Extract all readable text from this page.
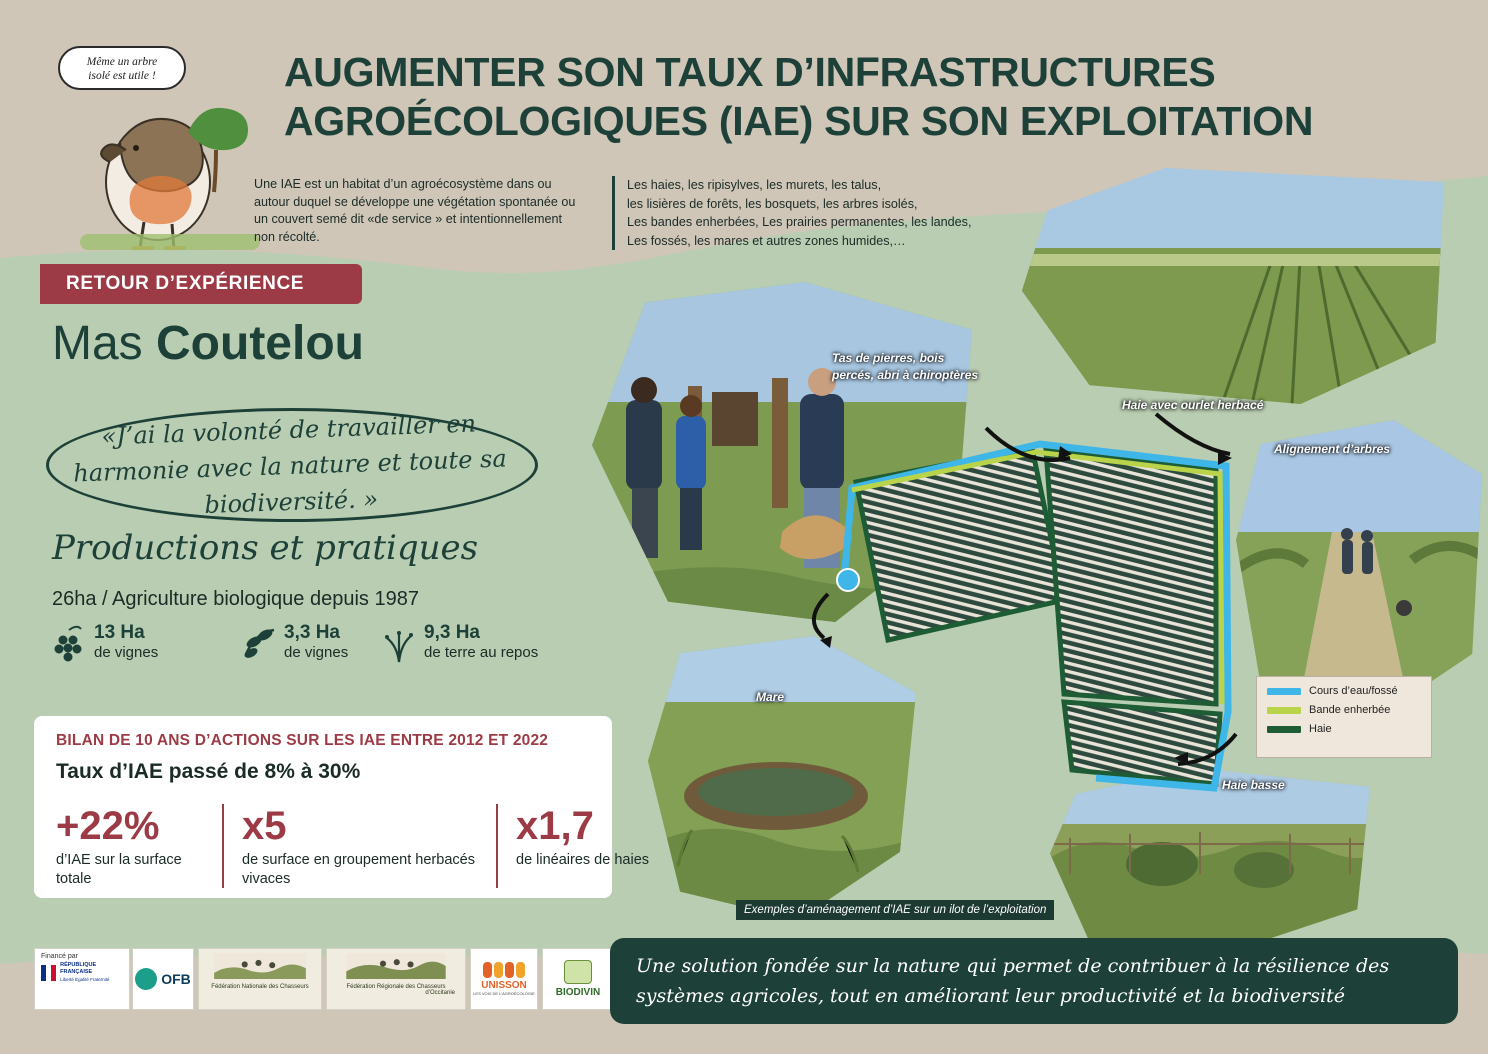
Même un arbre
isolé est utile !	AUGMENTER SON TAUX D’INFRASTRUCTURES
AGROÉCOLOGIQUES (IAE) SUR SON EXPLOITATION
Une IAE est un habitat d’un agroécosystème dans ou autour duquel se développe une végétation spontanée ou un couvert semé dit «de service » et intentionnellement non récolté.
Les haies, les ripisylves, les murets, les talus,
les lisières de forêts, les bosquets, les arbres isolés,
Les bandes enherbées, Les prairies permanentes, les landes,
Les fossés, les mares et autres zones humides,…
RETOUR D’EXPÉRIENCE
Mas Coutelou
«J’ai la volonté de travailler en harmonie avec la nature et toute sa biodiversité. »
Productions et pratiques
26ha / Agriculture biologique depuis 1987
13 Ha
de vignes
3,3 Ha
de vignes
9,3 Ha
de terre au repos
BILAN DE 10 ANS D’ACTIONS SUR LES IAE ENTRE 2012 ET 2022
Taux d’IAE passé de 8% à 30%
+22%
d’IAE sur la surface totale
x5
de surface en groupement herbacés vivaces
x1,7
de linéaires de haies
Financé par
RÉPUBLIQUE FRANÇAISE
Liberté Égalité Fraternité	OFB	Fédération Nationale des Chasseurs	Fédération Régionale des Chasseurs
d’Occitanie
UNISSON
LES VOIX DE L’AGROÉCOLOGIE BIODIVIN
Haie avec ourlet herbacé
Tas de pierres, bois
percés, abri à chiroptères
Alignement d’arbres
Mare
Haie basse
Cours d’eau/fossé
Bande enherbée
Haie
Exemples d’aménagement d’IAE sur un ilot de l’exploitation
Une solution fondée sur la nature qui permet de contribuer à la résilience des
systèmes agricoles, tout en améliorant leur productivité et la biodiversité
